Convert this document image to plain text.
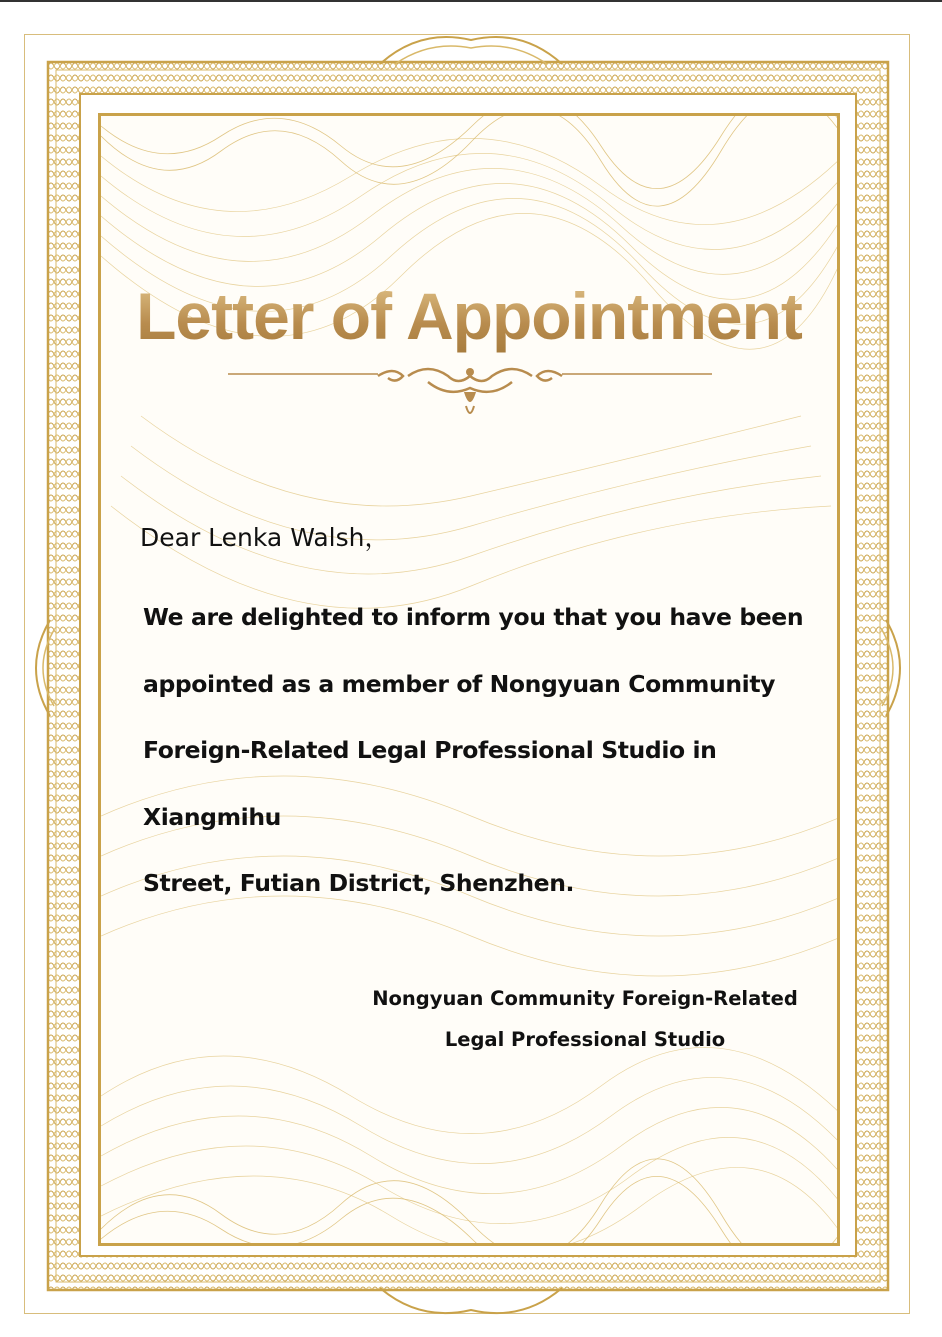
Letter of Appointment
Dear Lenka Walsh，
We are delighted to inform you that you have been
appointed as a member of Nongyuan Community
Foreign-Related Legal Professional Studio in Xiangmihu
Street, Futian District, Shenzhen.
Nongyuan Community Foreign-Related
Legal Professional Studio
